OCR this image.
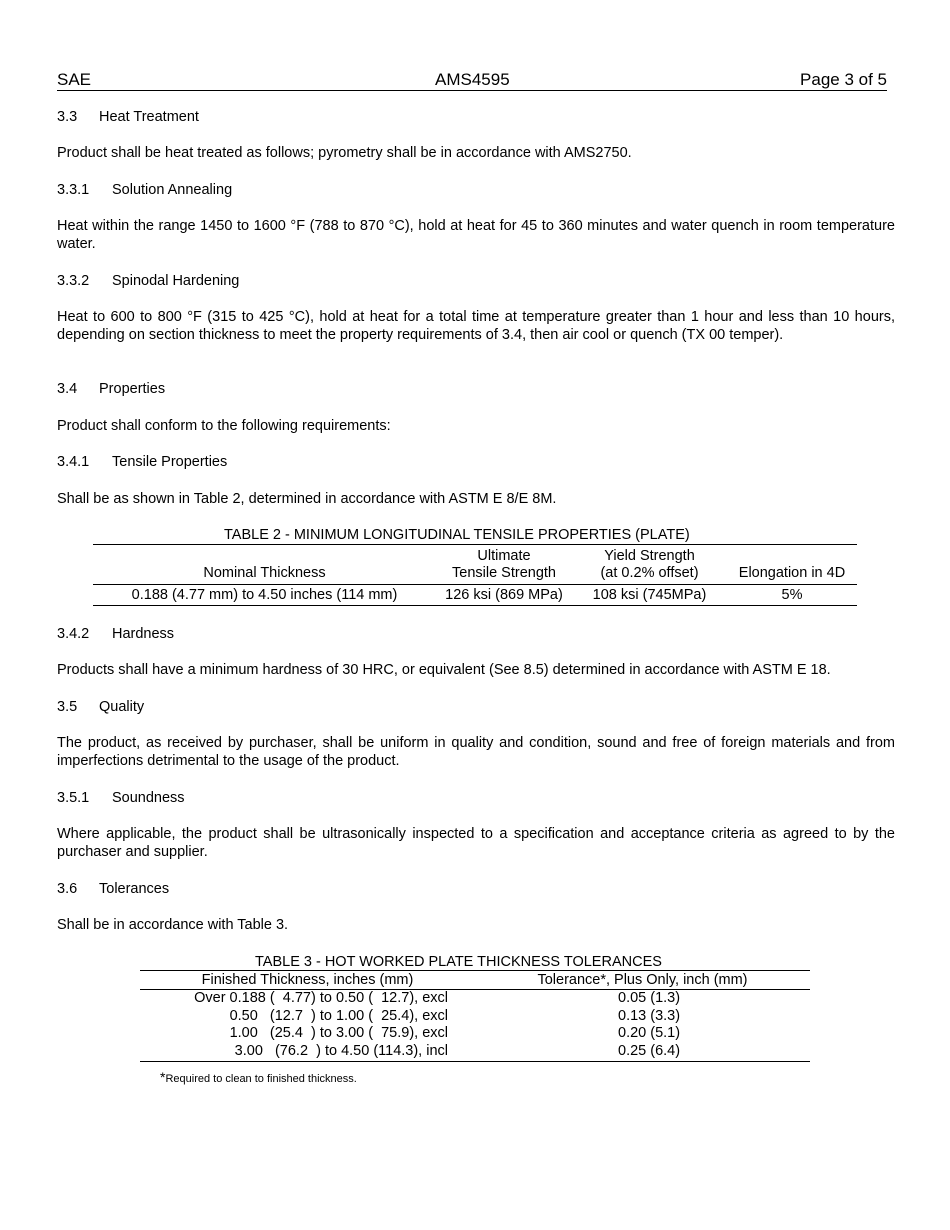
SAE	AMS4595	Page 3 of 5
3.3 Heat Treatment
Product shall be heat treated as follows; pyrometry shall be in accordance with AMS2750.
3.3.1 Solution Annealing
Heat within the range 1450 to 1600 °F (788 to 870 °C), hold at heat for 45 to 360 minutes and water quench in room temperature water.
3.3.2 Spinodal Hardening
Heat to 600 to 800 °F (315 to 425 °C), hold at heat for a total time at temperature greater than 1 hour and less than 10 hours, depending on section thickness to meet the property requirements of 3.4, then air cool or quench (TX 00 temper).
3.4 Properties
Product shall conform to the following requirements:
3.4.1 Tensile Properties
Shall be as shown in Table 2, determined in accordance with ASTM E 8/E 8M.
TABLE 2 - MINIMUM LONGITUDINAL TENSILE PROPERTIES (PLATE)
	Ultimate	Yield Strength	
Nominal Thickness	Tensile Strength	(at 0.2% offset)	Elongation in 4D
0.188 (4.77 mm) to 4.50 inches (114 mm)	126 ksi (869 MPa)	108 ksi (745MPa)	5%
3.4.2 Hardness
Products shall have a minimum hardness of 30 HRC, or equivalent (See 8.5) determined in accordance with ASTM E 18.
3.5 Quality
The product, as received by purchaser, shall be uniform in quality and condition, sound and free of foreign materials and from imperfections detrimental to the usage of the product.
3.5.1 Soundness
Where applicable, the product shall be ultrasonically inspected to a specification and acceptance criteria as agreed to by the purchaser and supplier.
3.6 Tolerances
Shall be in accordance with Table 3.
TABLE 3 - HOT WORKED PLATE THICKNESS TOLERANCES
Finished Thickness, inches (mm)	Tolerance*, Plus Only, inch (mm)
Over 0.188 (  4.77) to 0.50 (  12.7), excl		0.05 (1.3)
0.50   (12.7  ) to 1.00 (  25.4), excl		0.13 (3.3)
1.00   (25.4  ) to 3.00 (  75.9), excl		0.20 (5.1)
3.00   (76.2  ) to 4.50 (114.3), incl		0.25 (6.4)
*Required to clean to finished thickness.
